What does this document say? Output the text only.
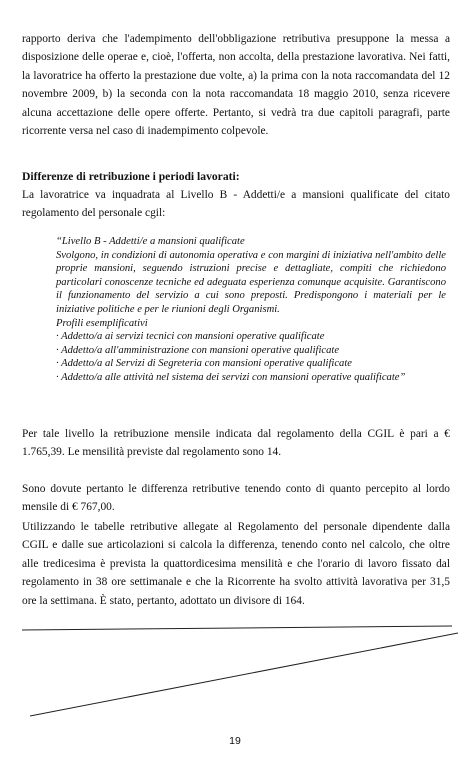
rapporto deriva che l'adempimento dell'obbligazione retributiva presuppone la messa a disposizione delle operae e, cioè, l'offerta, non accolta, della prestazione lavorativa. Nei fatti, la lavoratrice ha offerto la prestazione due volte, a) la prima con la nota raccomandata del 12 novembre 2009, b) la seconda con la nota raccomandata 18 maggio 2010, senza ricevere alcuna accettazione delle opere offerte. Pertanto, si vedrà tra due capitoli paragrafi, parte ricorrente versa nel caso di inadempimento colpevole.

Differenze di retribuzione i periodi lavorati:

La lavoratrice va inquadrata al Livello B - Addetti/e a mansioni qualificate del citato regolamento del personale cgil:

“Livello B - Addetti/e a mansioni qualificate
Svolgono, in condizioni di autonomia operativa e con margini di iniziativa nell'ambito delle proprie mansioni, seguendo istruzioni precise e dettagliate, compiti che richiedono particolari conoscenze tecniche ed adeguata esperienza comunque acquisite. Garantiscono il funzionamento del servizio a cui sono preposti. Predispongono i materiali per le iniziative politiche e per le riunioni degli Organismi.
Profili esemplificativi
· Addetto/a ai servizi tecnici con mansioni operative qualificate
· Addetto/a all'amministrazione con mansioni operative qualificate
· Addetto/a al Servizi di Segreteria con mansioni operative qualificate
· Addetto/a alle attività nel sistema dei servizi con mansioni operative qualificate”

Per tale livello la retribuzione mensile indicata dal regolamento della CGIL è pari a € 1.765,39. Le mensilità previste dal regolamento sono 14.

Sono dovute pertanto le differenza retributive tenendo conto di quanto percepito al lordo mensile di € 767,00.

Utilizzando le tabelle retributive allegate al Regolamento del personale dipendente dalla CGIL e dalle sue articolazioni si calcola la differenza, tenendo conto nel calcolo, che oltre alle tredicesima è prevista la quattordicesima mensilità e che l'orario di lavoro fissato dal regolamento in 38 ore settimanale e che la Ricorrente ha svolto attività lavorativa per 31,5 ore la settimana. È stato, pertanto, adottato un divisore di 164.

19
